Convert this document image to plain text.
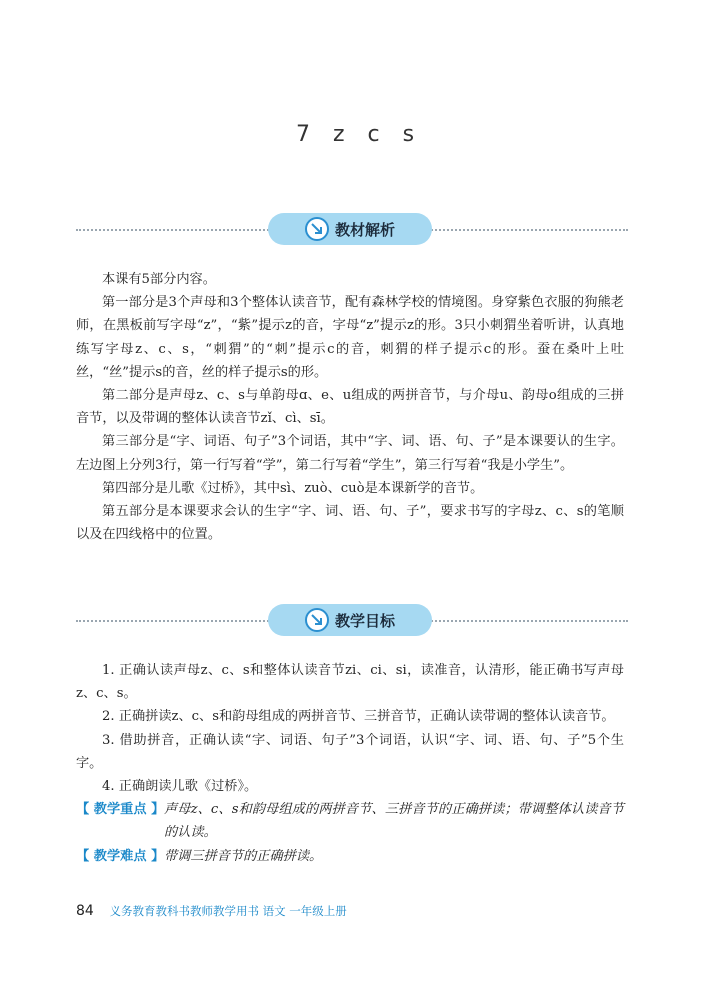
7 z c s
教材解析

本课有5部分内容。

第一部分是3个声母和3个整体认读音节，配有森林学校的情境图。身穿紫色衣服的狗熊老师，在黑板前写字母“z”，“紫”提示z的音，字母“z”提示z的形。3只小刺猬坐着听讲，认真地练写字母z、c、s，“刺猬”的“刺”提示c的音，刺猬的样子提示c的形。蚕在桑叶上吐丝，“丝”提示s的音，丝的样子提示s的形。

第二部分是声母z、c、s与单韵母ɑ、e、u组成的两拼音节，与介母u、韵母o组成的三拼音节，以及带调的整体认读音节zǐ、cì、sī。

第三部分是“字、词语、句子”3个词语，其中“字、词、语、句、子”是本课要认的生字。左边图上分列3行，第一行写着“学”，第二行写着“学生”，第三行写着“我是小学生”。

第四部分是儿歌《过桥》，其中sì、zuò、cuò是本课新学的音节。

第五部分是本课要求会认的生字“字、词、语、句、子”，要求书写的字母z、c、s的笔顺以及在四线格中的位置。

教学目标

1. 正确认读声母z、c、s和整体认读音节zi、ci、si，读准音，认清形，能正确书写声母z、c、s。

2. 正确拼读z、c、s和韵母组成的两拼音节、三拼音节，正确认读带调的整体认读音节。

3. 借助拼音，正确认读“字、词语、句子”3个词语，认识“字、词、语、句、子”5个生字。

4. 正确朗读儿歌《过桥》。

【 教学重点 】 声母z、c、s和韵母组成的两拼音节、三拼音节的正确拼读；带调整体认读音节的认读。
【 教学难点 】 带调三拼音节的正确拼读。
84 义务教育教科书教师教学用书 语文 一年级上册
